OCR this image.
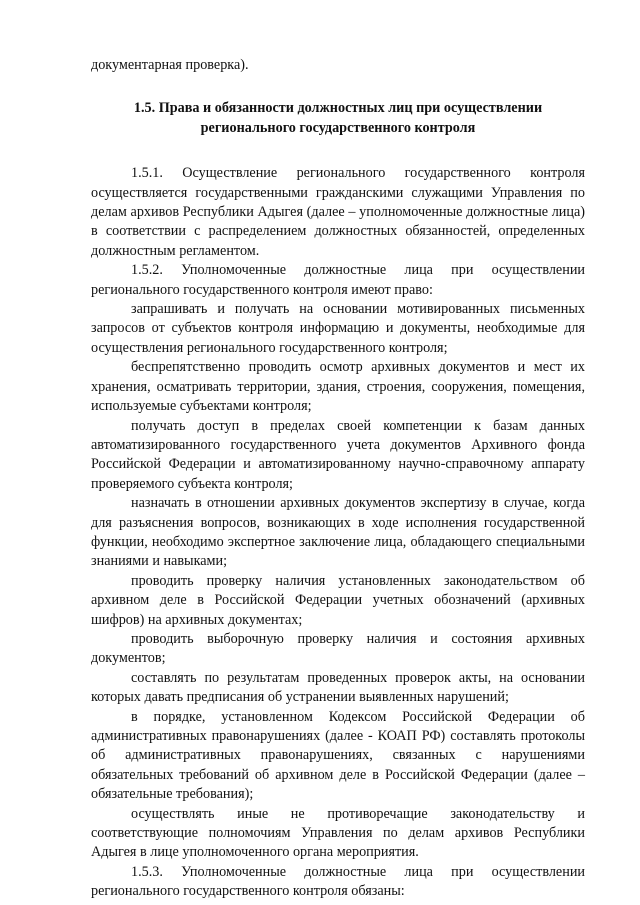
документарная проверка).

1.5. Права и обязанности должностных лиц при осуществлении регионального государственного контроля

1.5.1. Осуществление регионального государственного контроля осуществляется государственными гражданскими служащими Управления по делам архивов Республики Адыгея (далее – уполномоченные должностные лица) в соответствии с распределением должностных обязанностей, определенных должностным регламентом.

1.5.2. Уполномоченные должностные лица при осуществлении регионального государственного контроля имеют право:

запрашивать и получать на основании мотивированных письменных запросов от субъектов контроля информацию и документы, необходимые для осуществления регионального государственного контроля;

беспрепятственно проводить осмотр архивных документов и мест их хранения, осматривать территории, здания, строения, сооружения, помещения, используемые субъектами контроля;

получать доступ в пределах своей компетенции к базам данных автоматизированного государственного учета документов Архивного фонда Российской Федерации и автоматизированному научно-справочному аппарату проверяемого субъекта контроля;

назначать в отношении архивных документов экспертизу в случае, когда для разъяснения вопросов, возникающих в ходе исполнения государственной функции, необходимо экспертное заключение лица, обладающего специальными знаниями и навыками;

проводить проверку наличия установленных законодательством об архивном деле в Российской Федерации учетных обозначений (архивных шифров) на архивных документах;

проводить выборочную проверку наличия и состояния архивных документов;

составлять по результатам проведенных проверок акты, на основании которых давать предписания об устранении выявленных нарушений;

в порядке, установленном Кодексом Российской Федерации об административных правонарушениях (далее - КОАП РФ) составлять протоколы об административных правонарушениях, связанных с нарушениями обязательных требований об архивном деле в Российской Федерации (далее – обязательные требования);

осуществлять иные не противоречащие законодательству и соответствующие полномочиям Управления по делам архивов Республики Адыгея в лице уполномоченного органа мероприятия.

1.5.3. Уполномоченные должностные лица при осуществлении регионального государственного контроля обязаны:
